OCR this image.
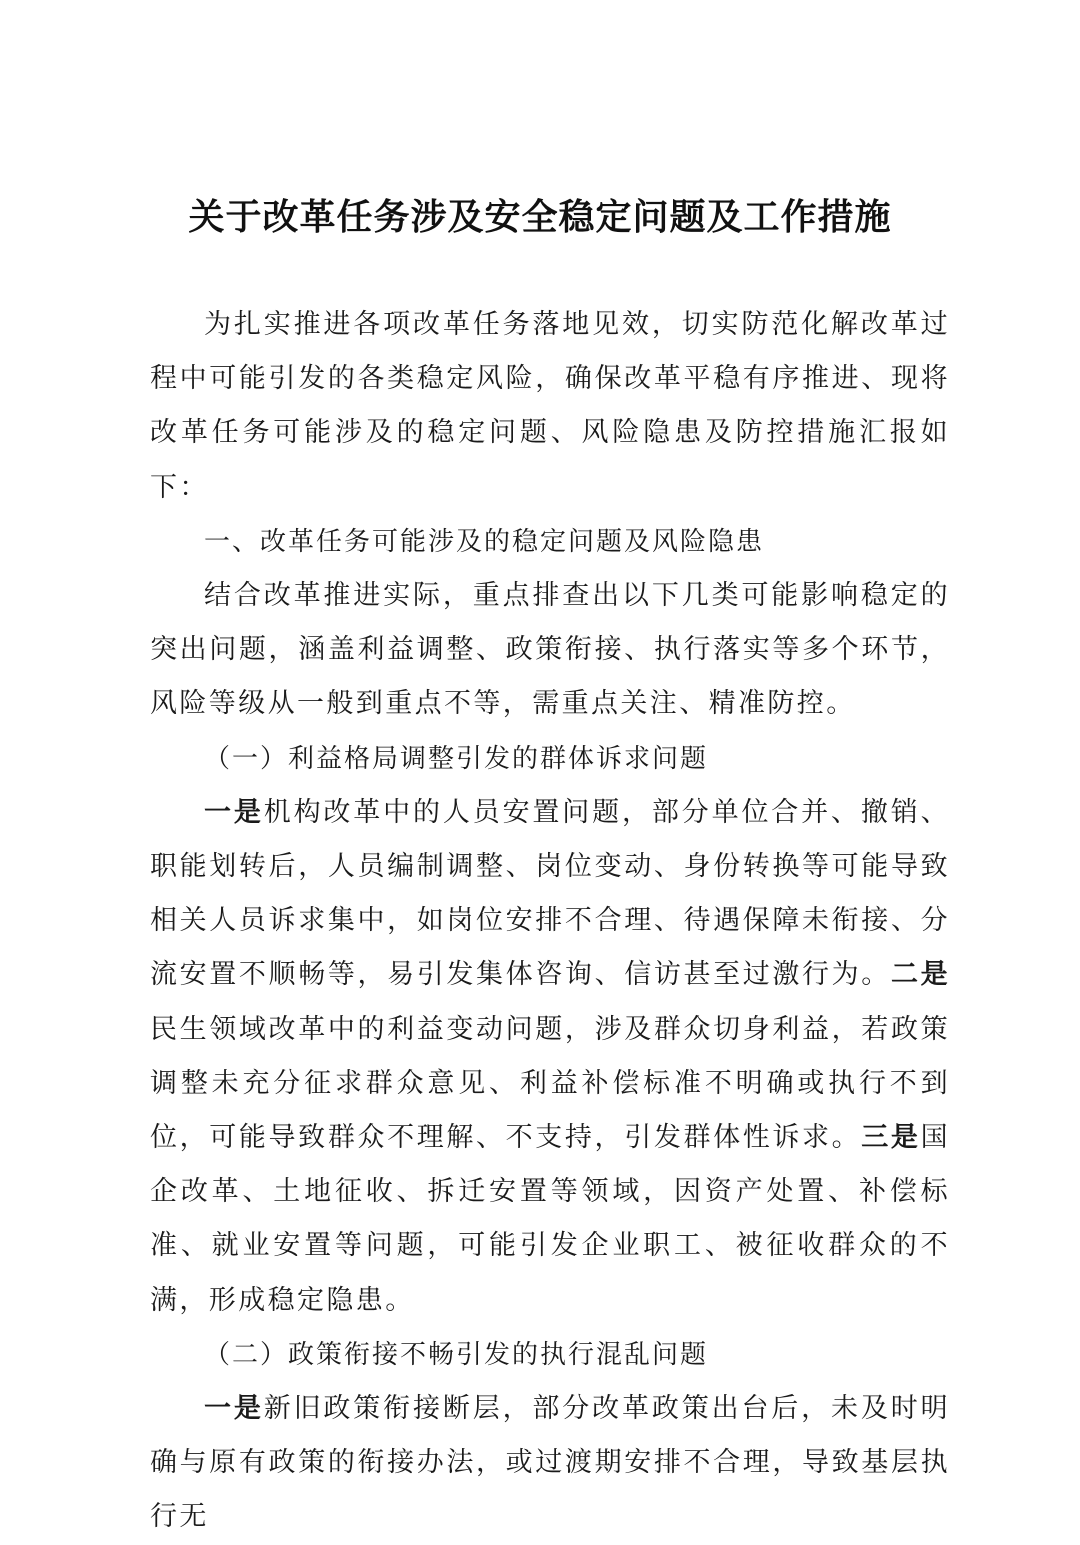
关于改革任务涉及安全稳定问题及工作措施

为扎实推进各项改革任务落地见效，切实防范化解改革过程中可能引发的各类稳定风险，确保改革平稳有序推进、现将改革任务可能涉及的稳定问题、风险隐患及防控措施汇报如下：

一、改革任务可能涉及的稳定问题及风险隐患

结合改革推进实际，重点排查出以下几类可能影响稳定的突出问题，涵盖利益调整、政策衔接、执行落实等多个环节，风险等级从一般到重点不等，需重点关注、精准防控。

（一）利益格局调整引发的群体诉求问题

一是机构改革中的人员安置问题，部分单位合并、撤销、职能划转后，人员编制调整、岗位变动、身份转换等可能导致相关人员诉求集中，如岗位安排不合理、待遇保障未衔接、分流安置不顺畅等，易引发集体咨询、信访甚至过激行为。二是民生领域改革中的利益变动问题，涉及群众切身利益，若政策调整未充分征求群众意见、利益补偿标准不明确或执行不到位，可能导致群众不理解、不支持，引发群体性诉求。三是国企改革、土地征收、拆迁安置等领域，因资产处置、补偿标准、就业安置等问题，可能引发企业职工、被征收群众的不满，形成稳定隐患。

（二）政策衔接不畅引发的执行混乱问题

一是新旧政策衔接断层，部分改革政策出台后，未及时明确与原有政策的衔接办法，或过渡期安排不合理，导致基层执行无
